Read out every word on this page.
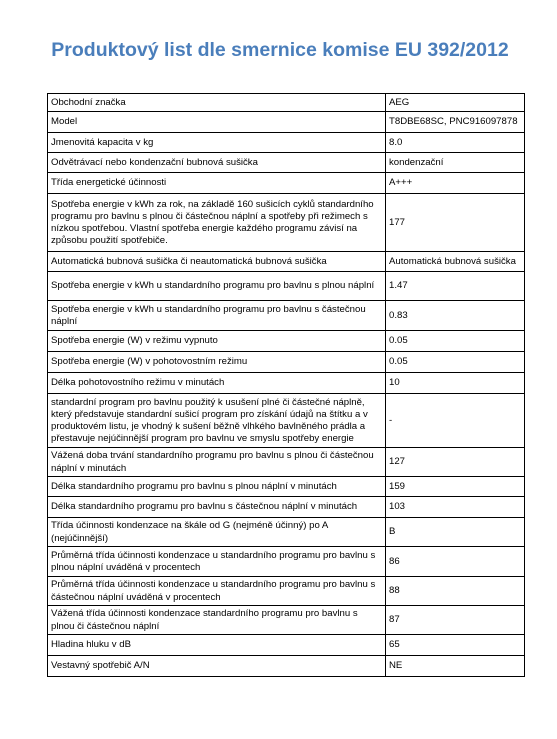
Produktový list dle smernice komise EU 392/2012
Obchodní značka	AEG
Model	T8DBE68SC, PNC916097878
Jmenovitá kapacita v kg	8.0
Odvětrávací nebo kondenzační bubnová sušička	kondenzační
Třída energetické účinnosti	A+++
Spotřeba energie v kWh za rok, na základě 160 sušicích cyklů standardního programu pro bavlnu s plnou či částečnou náplní a spotřeby při režimech s nízkou spotřebou. Vlastní spotřeba energie každého programu závisí na způsobu použití spotřebiče.	177
Automatická bubnová sušička či neautomatická bubnová sušička	Automatická bubnová sušička
Spotřeba energie v kWh u standardního programu pro bavlnu s plnou náplní	1.47
Spotřeba energie v kWh u standardního programu pro bavlnu s částečnou náplní	0.83
Spotřeba energie (W) v režimu vypnuto	0.05
Spotřeba energie (W) v pohotovostním režimu	0.05
Délka pohotovostního režimu v minutách	10
standardní program pro bavlnu použitý k usušení plné či částečné náplně, který představuje standardní sušicí program pro získání údajů na štítku a v produktovém listu, je vhodný k sušení běžně vlhkého bavlněného prádla a přestavuje nejúčinnější program pro bavlnu ve smyslu spotřeby energie	-
Vážená doba trvání standardního programu pro bavlnu s plnou či částečnou náplní v minutách	127
Délka standardního programu pro bavlnu s plnou náplní v minutách	159
Délka standardního programu pro bavlnu s částečnou náplní v minutách	103
Třída účinnosti kondenzace na škále od G (nejméně účinný) po A (nejúčinnější)	B
Průměrná třída účinnosti kondenzace u standardního programu pro bavlnu s plnou náplní uváděná v procentech	86
Průměrná třída účinnosti kondenzace u standardního programu pro bavlnu s částečnou náplní uváděná v procentech	88
Vážená třída účinnosti kondenzace standardního programu pro bavlnu s plnou či částečnou náplní	87
Hladina hluku v dB	65
Vestavný spotřebič A/N	NE
